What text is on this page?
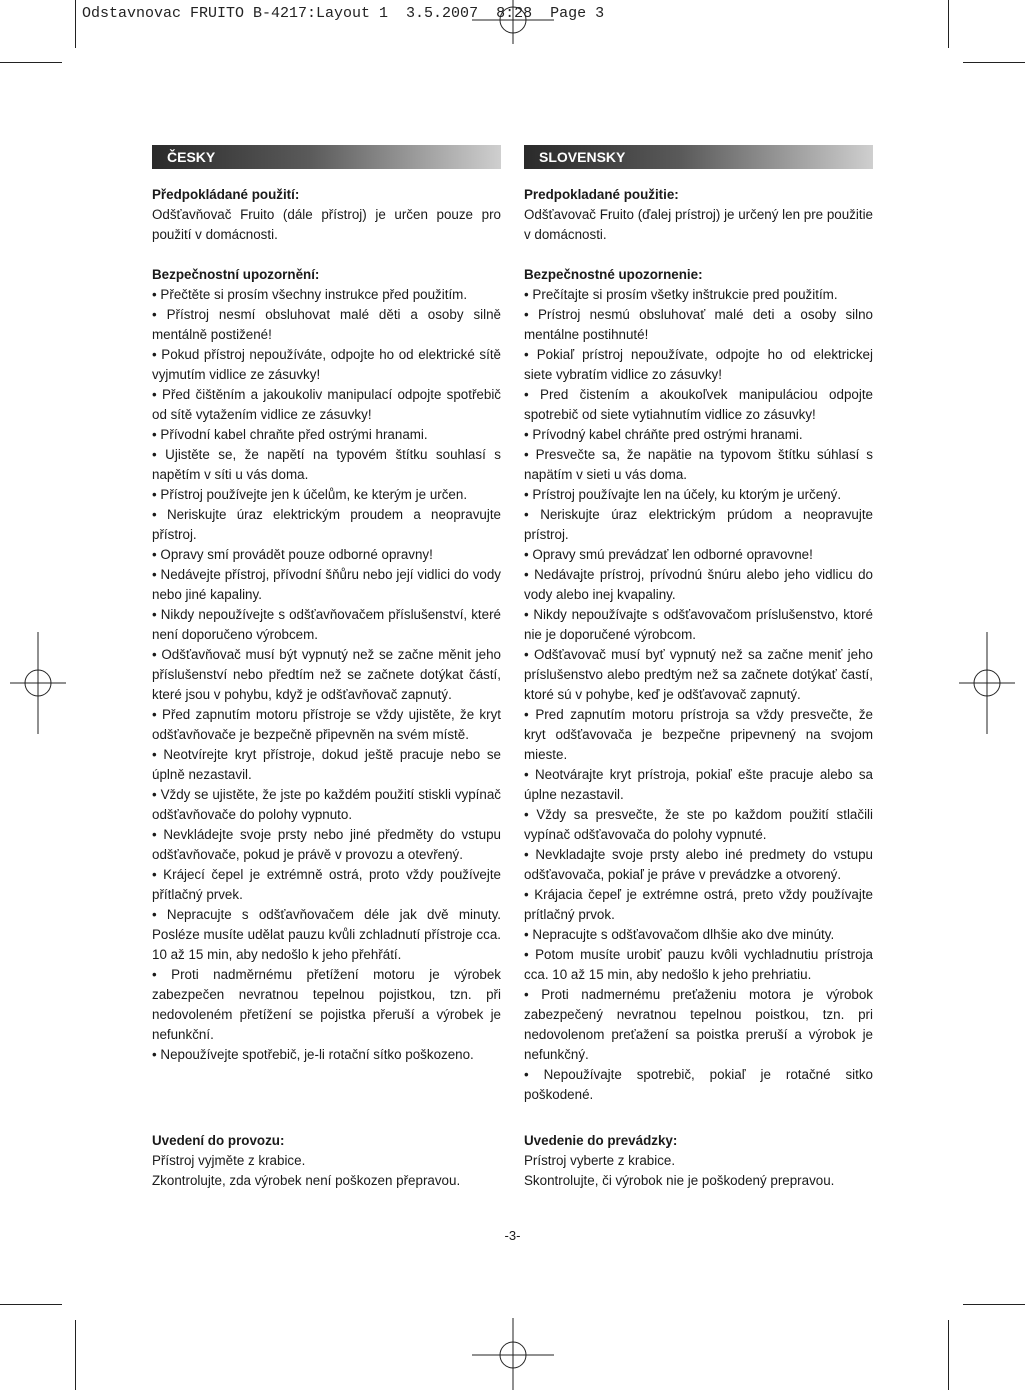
Odstavnovac FRUITO B-4217:Layout 1  3.5.2007  8:28  Page 3
ČESKY
Předpokládané použití:

Odšťavňovač Fruito (dále přístroj) je určen pouze pro použití v domácnosti.

Bezpečnostní upozornění:
• Přečtěte si prosím všechny instrukce před použitím.
• Přístroj nesmí obsluhovat malé děti a osoby silně mentálně postižené!
• Pokud přístroj nepoužíváte, odpojte ho od elektrické sítě vyjmutím vidlice ze zásuvky!
• Před čištěním a jakoukoliv manipulací odpojte spotřebič od sítě vytažením vidlice ze zásuvky!
• Přívodní kabel chraňte před ostrými hranami.
• Ujistěte se, že napětí na typovém štítku souhlasí s napětím v síti u vás doma.
• Přístroj používejte jen k účelům, ke kterým je určen.
• Neriskujte úraz elektrickým proudem a neopravujte přístroj.
• Opravy smí provádět pouze odborné opravny!
• Nedávejte přístroj, přívodní šňůru nebo její vidlici do vody nebo jiné kapaliny.
• Nikdy nepoužívejte s odšťavňovačem příslušenství, které není doporučeno výrobcem.
• Odšťavňovač musí být vypnutý než se začne měnit jeho příslušenství nebo předtím než se začnete dotýkat částí, které jsou v pohybu, když je odšťavňovač zapnutý.
• Před zapnutím motoru přístroje se vždy ujistěte, že kryt odšťavňovače je bezpečně připevněn na svém místě.
• Neotvírejte kryt přístroje, dokud ještě pracuje nebo se úplně nezastavil.
• Vždy se ujistěte, že jste po každém použití stiskli vypínač odšťavňovače do polohy vypnuto.
• Nevkládejte svoje prsty nebo jiné předměty do vstupu odšťavňovače, pokud je právě v provozu a otevřený.
• Krájecí čepel je extrémně ostrá, proto vždy používejte přítlačný prvek.
• Nepracujte s odšťavňovačem déle jak dvě minuty. Posléze musíte udělat pauzu kvůli zchladnutí přístroje cca. 10 až 15 min, aby nedošlo k jeho přehřátí.
• Proti nadměrnému přetížení motoru je výrobek zabezpečen nevratnou tepelnou pojistkou, tzn. při nedovoleném přetížení se pojistka přeruší a výrobek je nefunkční.
• Nepoužívejte spotřebič, je-li rotační sítko poškozeno.
Uvedení do provozu:

Přístroj vyjměte z krabice.

Zkontrolujte, zda výrobek není poškozen přepravou.

SLOVENSKY
Predpokladané použitie:

Odšťavovač Fruito (ďalej prístroj) je určený len pre použitie v domácnosti.

Bezpečnostné upozornenie:
• Prečítajte si prosím všetky inštrukcie pred použitím.
• Prístroj nesmú obsluhovať malé deti a osoby silno mentálne postihnuté!
• Pokiaľ prístroj nepoužívate, odpojte ho od elektrickej siete vybratím vidlice zo zásuvky!
• Pred čistením a akoukoľvek manipuláciou odpojte spotrebič od siete vytiahnutím vidlice zo zásuvky!
• Prívodný kabel chráňte pred ostrými hranami.
• Presvečte sa, že napätie na typovom štítku súhlasí s napätím v sieti u vás doma.
• Prístroj používajte len na účely, ku ktorým je určený.
• Neriskujte úraz elektrickým prúdom a neopravujte prístroj.
• Opravy smú prevádzať len odborné opravovne!
• Nedávajte prístroj, prívodnú šnúru alebo jeho vidlicu do vody alebo inej kvapaliny.
• Nikdy nepoužívajte s odšťavovačom príslušenstvo, ktoré nie je doporučené výrobcom.
• Odšťavovač musí byť vypnutý než sa začne meniť jeho príslušenstvo alebo predtým než sa začnete dotýkať častí, ktoré sú v pohybe, keď je odšťavovač zapnutý.
• Pred zapnutím motoru prístroja sa vždy presvečte, že kryt odšťavovača je bezpečne pripevnený na svojom mieste.
• Neotvárajte kryt prístroja, pokiaľ ešte pracuje alebo sa úplne nezastavil.
• Vždy sa presvečte, že ste po každom použití stlačili vypínač odšťavovača do polohy vypnuté.
• Nevkladajte svoje prsty alebo iné predmety do vstupu odšťavovača, pokiaľ je práve v prevádzke a otvorený.
• Krájacia čepeľ je extrémne ostrá, preto vždy používajte prítlačný prvok.
• Nepracujte s odšťavovačom dlhšie ako dve minúty.
• Potom musíte urobiť pauzu kvôli vychladnutiu prístroja cca. 10 až 15 min, aby nedošlo k jeho prehriatiu.
• Proti nadmernému preťaženiu motora je výrobok zabezpečený nevratnou tepelnou poistkou, tzn. pri nedovolenom preťažení sa poistka preruší a výrobok je nefunkčný.
• Nepoužívajte spotrebič, pokiaľ je rotačné sitko poškodené.
Uvedenie do prevádzky:

Prístroj vyberte z krabice.

Skontrolujte, či výrobok nie je poškodený prepravou.

-3-
